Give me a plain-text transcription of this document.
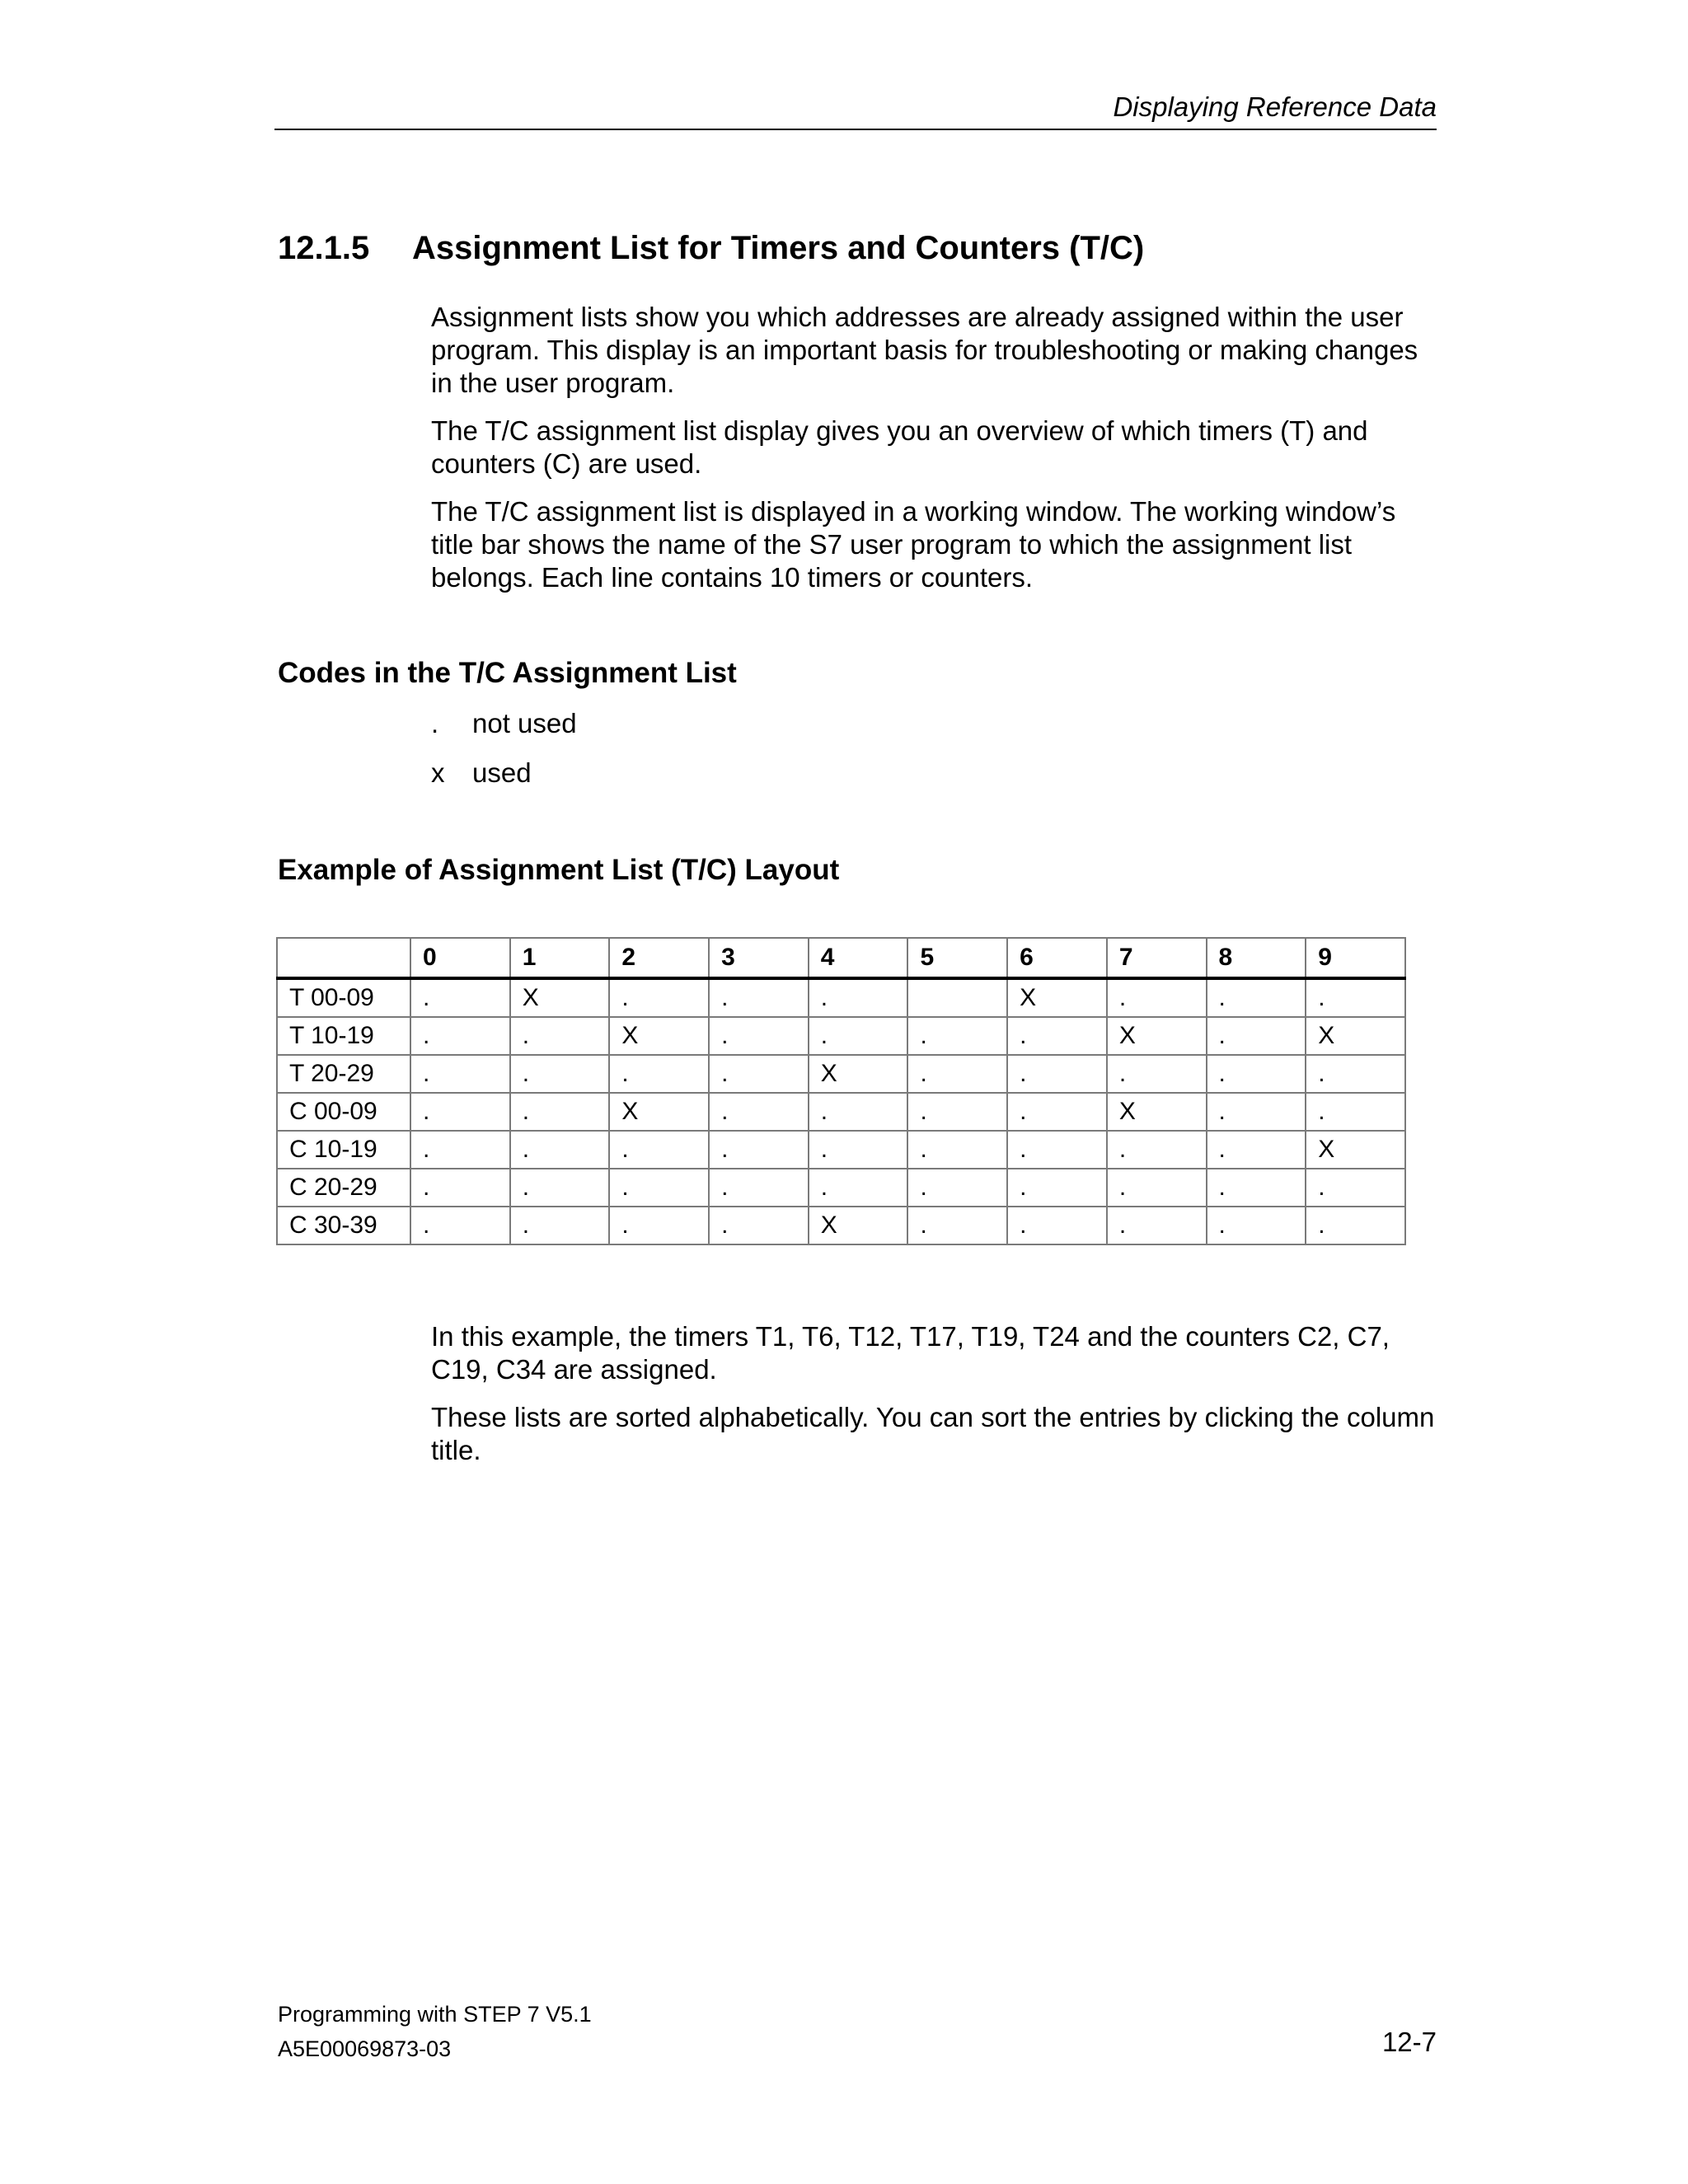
Displaying Reference Data
12.1.5 Assignment List for Timers and Counters (T/C)

Assignment lists show you which addresses are already assigned within the user program. This display is an important basis for troubleshooting or making changes in the user program.

The T/C assignment list display gives you an overview of which timers (T) and counters (C) are used.

The T/C assignment list is displayed in a working window. The working window’s title bar shows the name of the S7 user program to which the assignment list belongs. Each line contains 10 timers or counters.

Codes in the T/C Assignment List
. not used
x used
Example of Assignment List (T/C) Layout
	0	1	2	3	4	5	6	7	8	9
T 00-09	.	X	.	.	.		X	.	.	.
T 10-19	.	.	X	.	.	.	.	X	.	X
T 20-29	.	.	.	.	X	.	.	.	.	.
C 00-09	.	.	X	.	.	.	.	X	.	.
C 10-19	.	.	.	.	.	.	.	.	.	X
C 20-29	.	.	.	.	.	.	.	.	.	.
C 30-39	.	.	.	.	X	.	.	.	.	.

In this example, the timers T1, T6, T12, T17, T19, T24 and the counters C2, C7, C19, C34 are assigned.

These lists are sorted alphabetically. You can sort the entries by clicking the column title.

Programming with STEP 7 V5.1
A5E00069873-03	12-7
